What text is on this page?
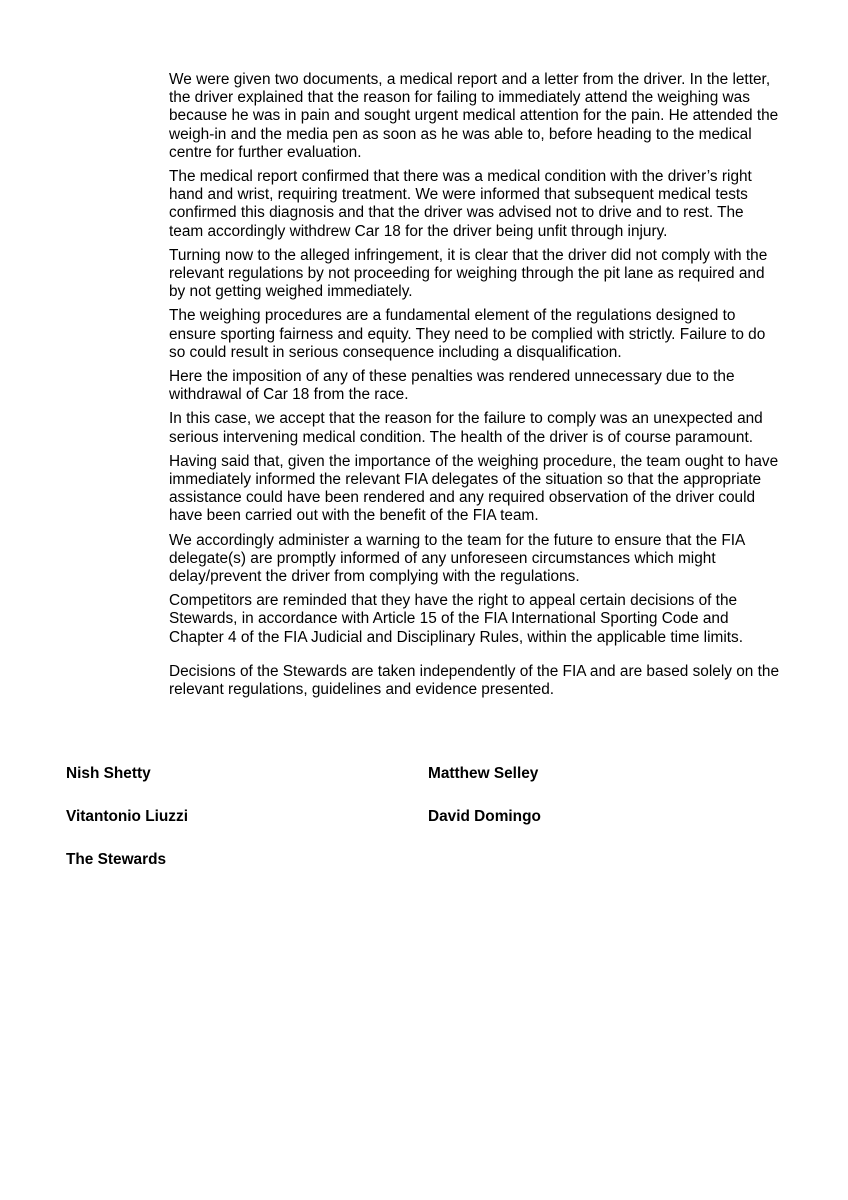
We were given two documents, a medical report and a letter from the driver. In the letter, the driver explained that the reason for failing to immediately attend the weighing was because he was in pain and sought urgent medical attention for the pain. He attended the weigh-in and the media pen as soon as he was able to, before heading to the medical centre for further evaluation.

The medical report confirmed that there was a medical condition with the driver’s right hand and wrist, requiring treatment. We were informed that subsequent medical tests confirmed this diagnosis and that the driver was advised not to drive and to rest. The team accordingly withdrew Car 18 for the driver being unfit through injury.

Turning now to the alleged infringement, it is clear that the driver did not comply with the relevant regulations by not proceeding for weighing through the pit lane as required and by not getting weighed immediately.

The weighing procedures are a fundamental element of the regulations designed to ensure sporting fairness and equity. They need to be complied with strictly. Failure to do so could result in serious consequence including a disqualification.

Here the imposition of any of these penalties was rendered unnecessary due to the withdrawal of Car 18 from the race.

In this case, we accept that the reason for the failure to comply was an unexpected and serious intervening medical condition. The health of the driver is of course paramount.

Having said that, given the importance of the weighing procedure, the team ought to have immediately informed the relevant FIA delegates of the situation so that the appropriate assistance could have been rendered and any required observation of the driver could have been carried out with the benefit of the FIA team.

We accordingly administer a warning to the team for the future to ensure that the FIA delegate(s) are promptly informed of any unforeseen circumstances which might delay/prevent the driver from complying with the regulations.

Competitors are reminded that they have the right to appeal certain decisions of the Stewards, in accordance with Article 15 of the FIA International Sporting Code and Chapter 4 of the FIA Judicial and Disciplinary Rules, within the applicable time limits.

Decisions of the Stewards are taken independently of the FIA and are based solely on the relevant regulations, guidelines and evidence presented.

Nish Shetty	Matthew Selley
Vitantonio Liuzzi	David Domingo
The Stewards
